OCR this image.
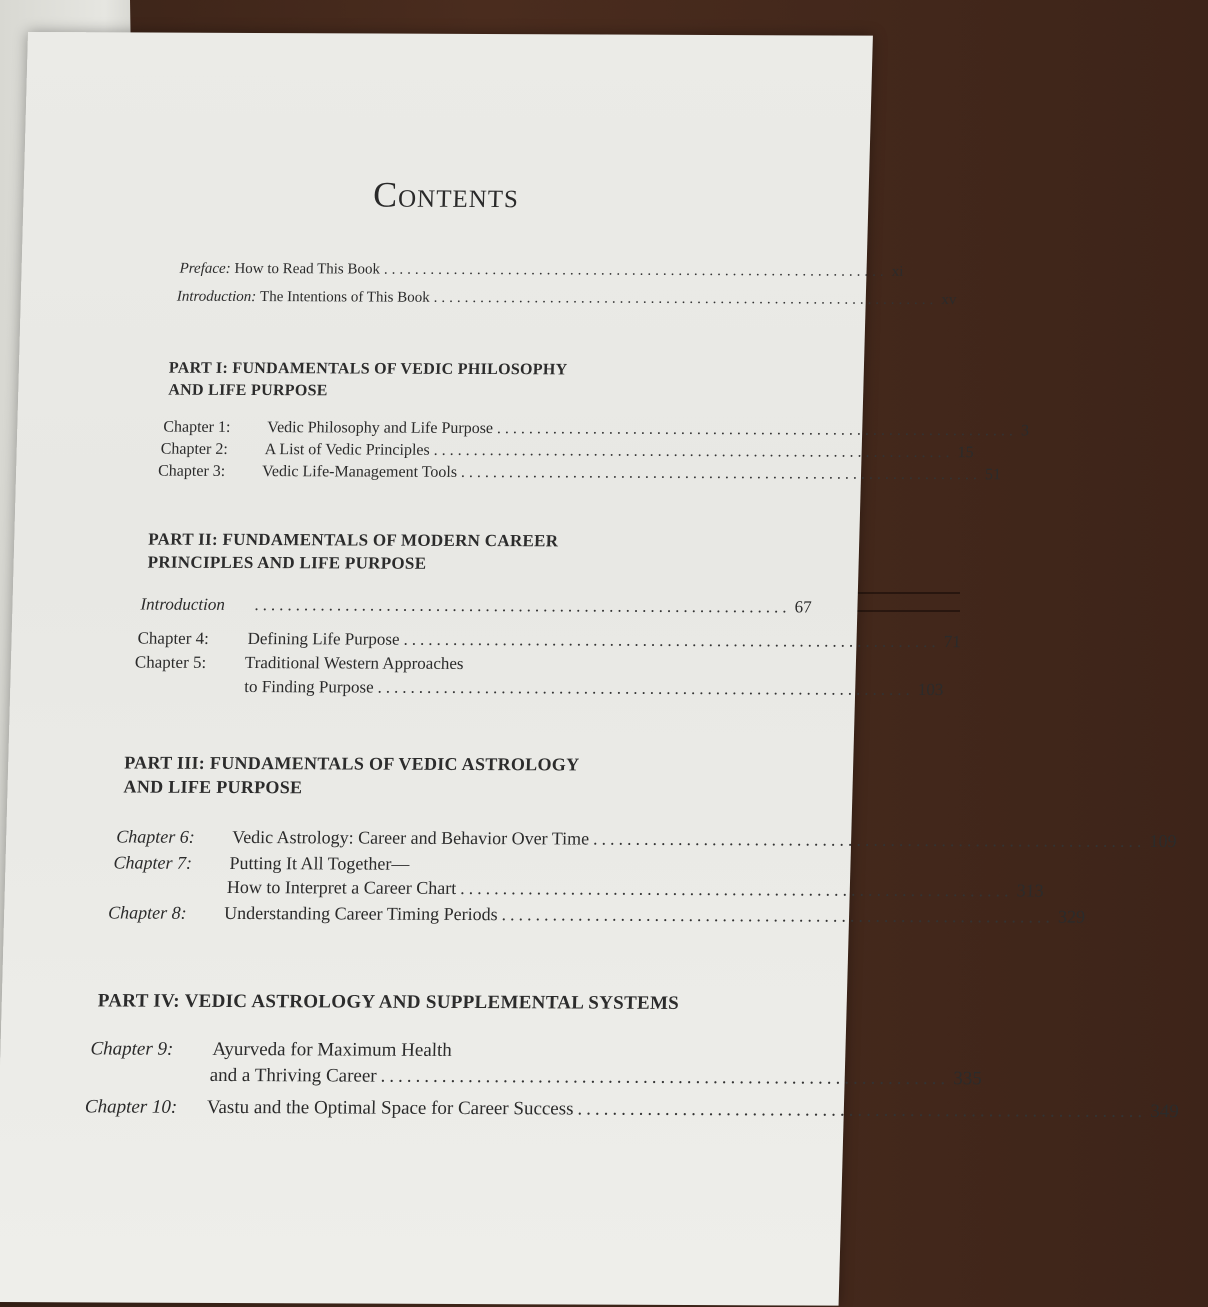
Contents
Preface:
How to Read This Book ................................................................. xi
Introduction:
The Intentions of This Book ................................................................. xv
PART I: FUNDAMENTALS OF VEDIC PHILOSOPHY
AND LIFE PURPOSE
Chapter 1:	Vedic Philosophy and Life Purpose ................................................................. 3
Chapter 2:	A List of Vedic Principles ................................................................. 15
Chapter 3:	Vedic Life-Management Tools ................................................................. 51
PART II: FUNDAMENTALS OF MODERN CAREER
PRINCIPLES AND LIFE PURPOSE
Introduction	................................................................. 67
Chapter 4:	Defining Life Purpose ................................................................. 71
Chapter 5: Traditional Western Approaches
to Finding Purpose ................................................................. 103
PART III: FUNDAMENTALS OF VEDIC ASTROLOGY
AND LIFE PURPOSE
Chapter 6:	Vedic Astrology: Career and Behavior Over Time ................................................................. 109
Chapter 7: Putting It All Together—
How to Interpret a Career Chart ................................................................. 313
Chapter 8:	Understanding Career Timing Periods ................................................................. 329
PART IV: VEDIC ASTROLOGY AND SUPPLEMENTAL SYSTEMS
Chapter 9: Ayurveda for Maximum Health
and a Thriving Career ................................................................. 335
Chapter 10:	Vastu and the Optimal Space for Career Success ................................................................. 349
